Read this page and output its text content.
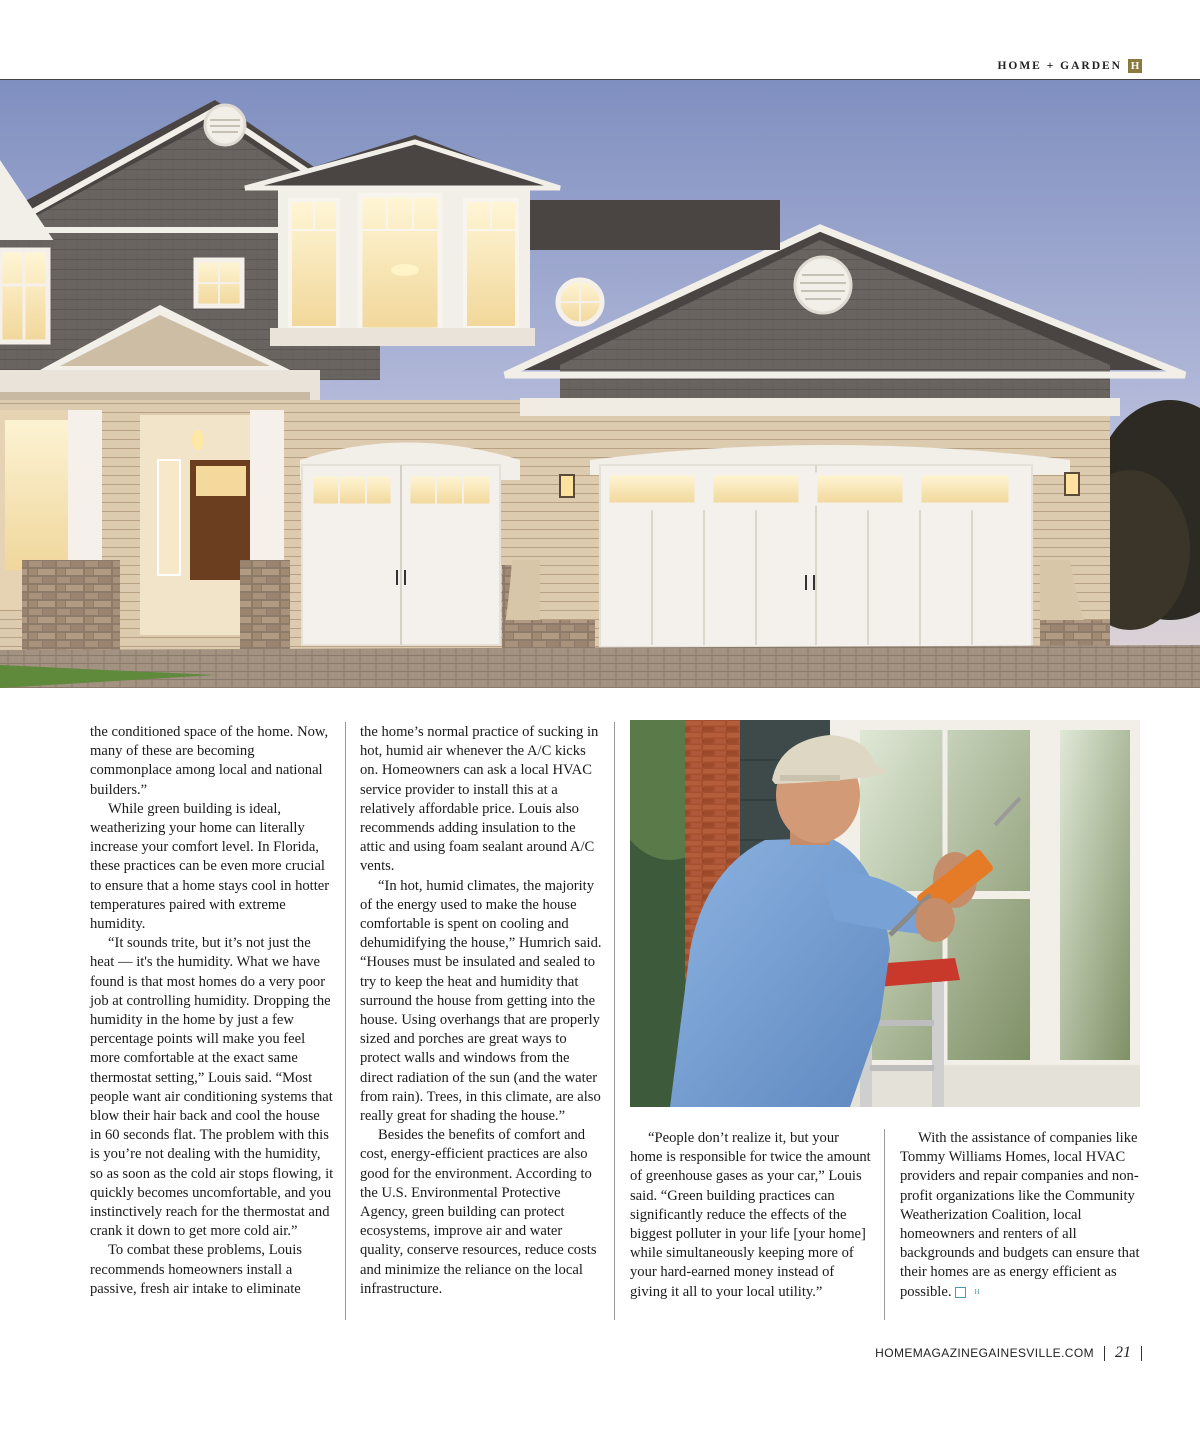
HOME + GARDEN H

the conditioned space of the home. Now, many of these are becoming commonplace among local and national builders.”

While green building is ideal, weatherizing your home can literally increase your comfort level. In Florida, these practices can be even more crucial to ensure that a home stays cool in hotter temperatures paired with extreme humidity.

“It sounds trite, but it’s not just the heat — it's the humidity. What we have found is that most homes do a very poor job at controlling humidity. Dropping the humidity in the home by just a few percentage points will make you feel more comfortable at the exact same thermostat setting,” Louis said. “Most people want air conditioning systems that blow their hair back and cool the house in 60 seconds flat. The problem with this is you’re not dealing with the humidity, so as soon as the cold air stops flowing, it quickly becomes uncomfortable, and you instinctively reach for the thermostat and crank it down to get more cold air.”

To combat these problems, Louis recommends homeowners install a passive, fresh air intake to eliminate

the home’s normal practice of sucking in hot, humid air whenever the A/C kicks on. Homeowners can ask a local HVAC service provider to install this at a relatively affordable price. Louis also recommends adding insulation to the attic and using foam sealant around A/C vents.

“In hot, humid climates, the majority of the energy used to make the house comfortable is spent on cooling and dehumidifying the house,” Humrich said. “Houses must be insulated and sealed to try to keep the heat and humidity that surround the house from getting into the house. Using overhangs that are properly sized and porches are great ways to protect walls and windows from the direct radiation of the sun (and the water from rain). Trees, in this climate, are also really great for shading the house.”

Besides the benefits of comfort and cost, energy-efficient practices are also good for the environment. According to the U.S. Environmental Protective Agency, green building can protect ecosystems, improve air and water quality, conserve resources, reduce costs and minimize the reliance on the local infrastructure.

“People don’t realize it, but your home is responsible for twice the amount of greenhouse gases as your car,” Louis said. “Green building practices can significantly reduce the effects of the biggest polluter in your life [your home] while simultaneously keeping more of your hard-earned money instead of giving it all to your local utility.”

With the assistance of companies like Tommy Williams Homes, local HVAC providers and repair companies and non-profit organizations like the Community Weatherization Coalition, local homeowners and renters of all backgrounds and budgets can ensure that their homes are as energy efficient as possible.	H

HOMEMAGAZINEGAINESVILLE.COM 21
